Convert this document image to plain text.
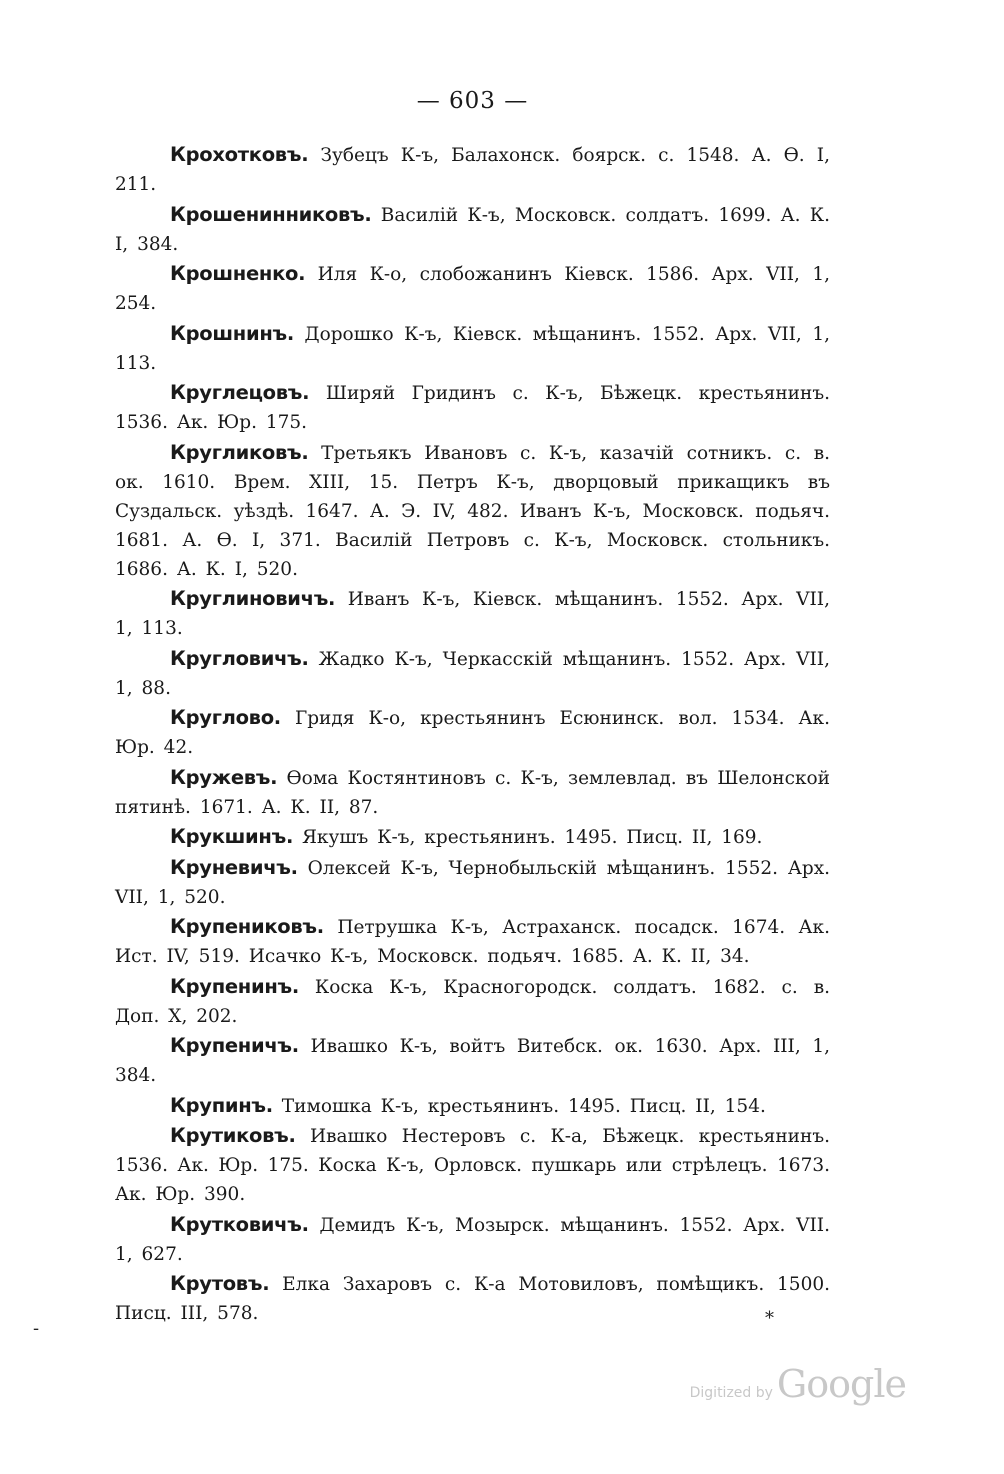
— 603 —

Крохотковъ. Зубецъ К-ъ, Балахонск. боярск. с. 1548. А. Ѳ. I, 211.

Крошенинниковъ. Василій К-ъ, Московск. солдатъ. 1699. А. К. I, 384.

Крошненко. Иля К-о, слобожанинъ Кіевск. 1586. Арх. VII, 1, 254.

Крошнинъ. Дорошко К-ъ, Кіевск. мѣщанинъ. 1552. Арх. VII, 1, 113.

Круглецовъ. Ширяй Гридинъ с. К-ъ, Бѣжецк. крестьянинъ. 1536. Ак. Юр. 175.

Кругликовъ. Третьякъ Ивановъ с. К-ъ, казачій сотникъ. с. в. ок. 1610. Врем. XIII, 15. Петръ К-ъ, дворцовый прикащикъ въ Суздальск. уѣздѣ. 1647. А. Э. IV, 482. Иванъ К-ъ, Московск. подьяч. 1681. А. Ѳ. I, 371. Василій Петровъ с. К-ъ, Московск. стольникъ. 1686. А. К. I, 520.

Круглиновичъ. Иванъ К-ъ, Кіевск. мѣщанинъ. 1552. Арх. VII, 1, 113.

Кругловичъ. Жадко К-ъ, Черкасскій мѣщанинъ. 1552. Арх. VII, 1, 88.

Круглово. Гридя К-о, крестьянинъ Есюнинск. вол. 1534. Ак. Юр. 42.

Кружевъ. Ѳома Костянтиновъ с. К-ъ, землевлад. въ Шелонской пятинѣ. 1671. А. К. II, 87.

Крукшинъ. Якушъ К-ъ, крестьянинъ. 1495. Писц. II, 169.

Круневичъ. Олексей К-ъ, Чернобыльскій мѣщанинъ. 1552. Арх. VII, 1, 520.

Крупениковъ. Петрушка К-ъ, Астраханск. посадск. 1674. Ак. Ист. IV, 519. Исачко К-ъ, Московск. подьяч. 1685. А. К. II, 34.

Крупенинъ. Коска К-ъ, Красногородск. солдатъ. 1682. с. в. Доп. X, 202.

Крупеничъ. Ивашко К-ъ, войтъ Витебск. ок. 1630. Арх. III, 1, 384.

Крупинъ. Тимошка К-ъ, крестьянинъ. 1495. Писц. II, 154.

Крутиковъ. Ивашко Нестеровъ с. К-а, Бѣжецк. крестьянинъ. 1536. Ак. Юр. 175. Коска К-ъ, Орловск. пушкарь или стрѣлецъ. 1673. Ак. Юр. 390.

Крутковичъ. Демидъ К-ъ, Мозырск. мѣщанинъ. 1552. Арх. VII. 1, 627.

Крутовъ. Елка Захаровъ с. К-а Мотовиловъ, помѣщикъ. 1500. Писц. III, 578.	*
-
Digitized by Google
